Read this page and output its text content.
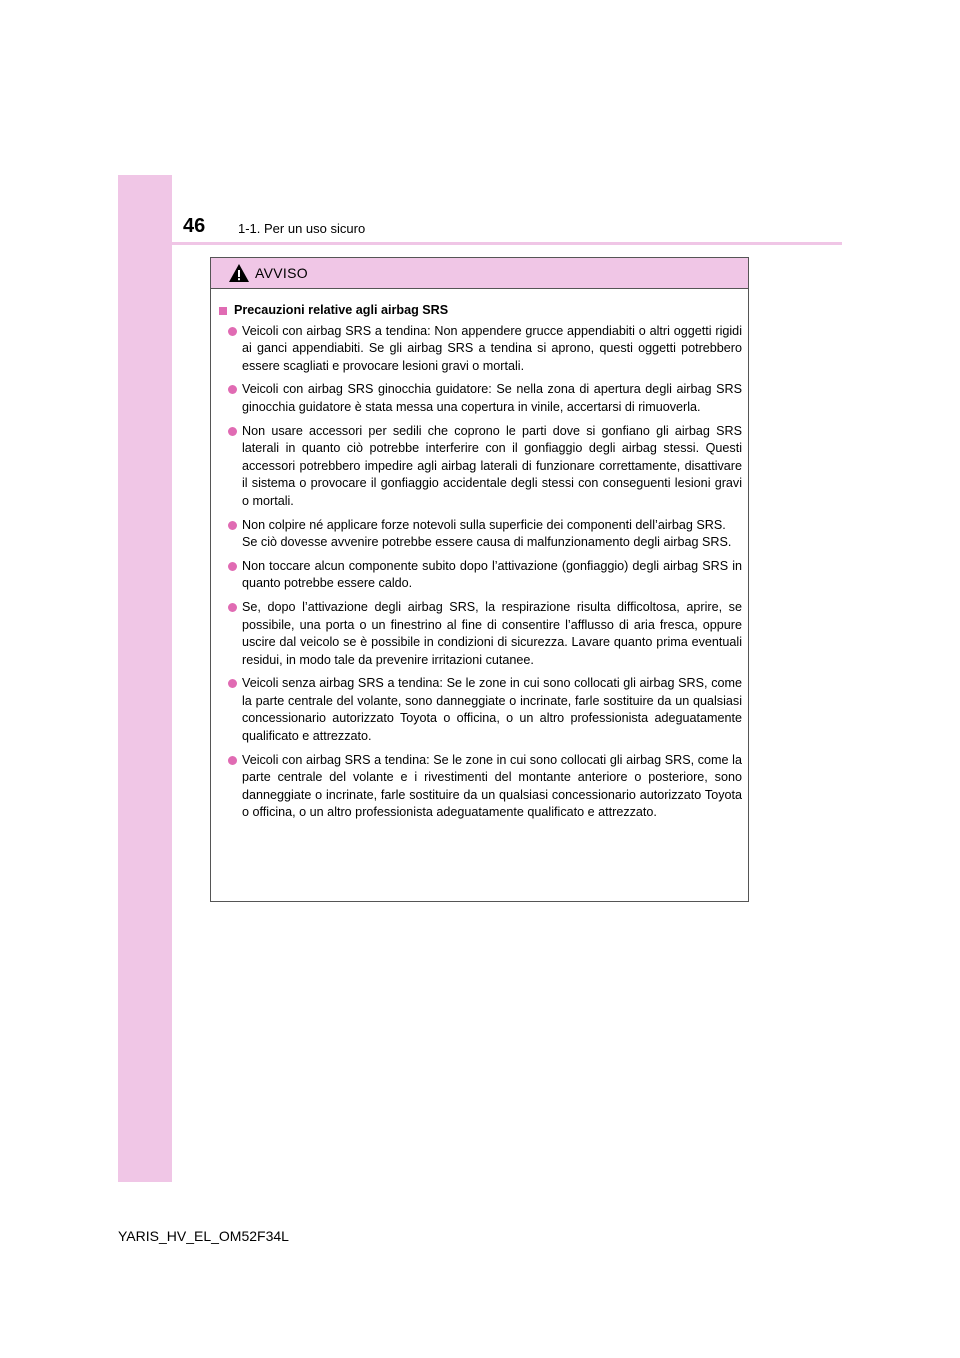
46	1-1. Per un uso sicuro
AVVISO
Precauzioni relative agli airbag SRS

Veicoli con airbag SRS a tendina: Non appendere grucce appendiabiti o altri oggetti rigidi ai ganci appendiabiti. Se gli airbag SRS a tendina si aprono, questi oggetti potrebbero essere scagliati e provocare lesioni gravi o mortali.

Veicoli con airbag SRS ginocchia guidatore: Se nella zona di apertura degli airbag SRS ginocchia guidatore è stata messa una copertura in vinile, accertarsi di rimuoverla.

Non usare accessori per sedili che coprono le parti dove si gonfiano gli airbag SRS laterali in quanto ciò potrebbe interferire con il gonfiaggio degli airbag stessi. Questi accessori potrebbero impedire agli airbag laterali di funzionare correttamente, disattivare il sistema o provocare il gonfiaggio accidentale degli stessi con conseguenti lesioni gravi o mortali.

Non colpire né applicare forze notevoli sulla superficie dei componenti dell’airbag SRS.

Se ciò dovesse avvenire potrebbe essere causa di malfunzionamento degli airbag SRS.

Non toccare alcun componente subito dopo l’attivazione (gonfiaggio) degli airbag SRS in quanto potrebbe essere caldo.

Se, dopo l’attivazione degli airbag SRS, la respirazione risulta difficoltosa, aprire, se possibile, una porta o un finestrino al fine di consentire l’afflusso di aria fresca, oppure uscire dal veicolo se è possibile in condizioni di sicurezza. Lavare quanto prima eventuali residui, in modo tale da prevenire irritazioni cutanee.

Veicoli senza airbag SRS a tendina: Se le zone in cui sono collocati gli airbag SRS, come la parte centrale del volante, sono danneggiate o incrinate, farle sostituire da un qualsiasi concessionario autorizzato Toyota o officina, o un altro professionista adeguatamente qualificato e attrezzato.

Veicoli con airbag SRS a tendina: Se le zone in cui sono collocati gli airbag SRS, come la parte centrale del volante e i rivestimenti del montante anteriore o posteriore, sono danneggiate o incrinate, farle sostituire da un qualsiasi concessionario autorizzato Toyota o officina, o un altro professionista adeguatamente qualificato e attrezzato.

YARIS_HV_EL_OM52F34L
